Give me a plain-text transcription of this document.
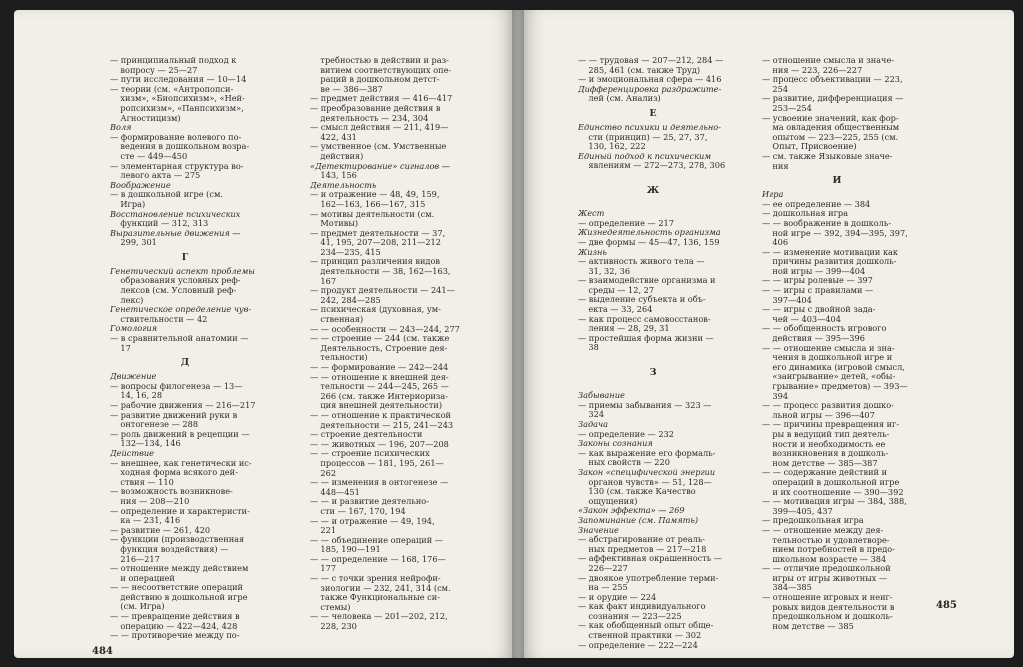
— принципиальный подход к
вопросу — 25—27
— пути исследования — 10—14
— теории (см. «Антропопси-
хизм», «Биопсихизм», «Ней-
ропсихизм», «Панпсихизм»,
Агностицизм)
Воля
— формирование волевого по-
ведения в дошкольном возра-
сте — 449—450
— элементарная структура во-
левого акта — 275
Воображение
— в дошкольной игре (см.
Игра)
Восстановление психических
функций — 312, 313
Выразительные движения —
299, 301
Г
Генетический аспект проблемы
образования условных реф-
лексов (см. Условный реф-
лекс)
Генетическое определение чув-
ствительности — 42
Гомология
— в сравнительной анатомии —
17
Д
Движение
— вопросы филогенеза — 13—
14, 16, 28
— рабочие движения — 216—217
— развитие движений руки в
онтогенезе — 288
— роль движений в рецепции —
132—134, 146
Действие
— внешнее, как генетически ис-
ходная форма всякого дей-
ствия — 110
— возможность возникнове-
ния — 208—210
— определение и характеристи-
ка — 231, 416
— развитие — 261, 420
— функции (производственная
функция воздействия) —
216—217
— отношение между действием
и операцией
— — несоответствие операций
действию в дошкольной игре
(см. Игра)
— — превращение действия в
операцию — 422—424, 428
— — противоречие между по-
требностью в действии и раз-
витием соответствующих опе-
раций в дошкольном детст-
ве — 386—387
— предмет действия — 416—417
— преобразование действия в
деятельность — 234, 304
— смысл действия — 211, 419—
422, 431
— умственное (см. Умственные
действия)
«Детектирование» сигналов —
143, 156
Деятельность
— и отражение — 48, 49, 159,
162—163, 166—167, 315
— мотивы деятельности (см.
Мотивы)
— предмет деятельности — 37,
41, 195, 207—208, 211—212
234—235, 415
— принцип различения видов
деятельности — 38, 162—163,
167
— продукт деятельности — 241—
242, 284—285
— психическая (духовная, ум-
ственная)
— — особенности — 243—244, 277
— — строение — 244 (см. также
Деятельность, Строение дея-
тельности)
— — формирование — 242—244
— — отношение к внешней дея-
тельности — 244—245, 265 —
266 (см. также Интериориза-
ция внешней деятельности)
— — отношение к практической
деятельности — 215, 241—243
— строение деятельности
— — животных — 196, 207—208
— — строение психических
процессов — 181, 195, 261—
262
— — изменения в онтогенезе —
448—451
— — и развитие деятельно-
сти — 167, 170, 194
— — и отражение — 49, 194,
221
— — объединение операций —
185, 190—191
— — определение — 168, 176—
177
— — с точки зрения нейрофи-
зиологии — 232, 241, 314 (см.
также Функциональные си-
стемы)
— — человека — 201—202, 212,
228, 230
484
— — трудовая — 207—212, 284 —
285, 461 (см. также Труд)
— и эмоциональная сфера — 416
Дифференцировка раздражите-
лей (см. Анализ)
Е
Единство психики и деятельно-
сти (принцип) — 25, 27, 37,
130, 162, 222
Единый подход к психическим
явлениям — 272—273, 278, 306
Ж
Жест
— определение — 217
Жизнедеятельность организма
— две формы — 45—47, 136, 159
Жизнь
— активность живого тела —
31, 32, 36
— взаимодействие организма и
среды — 12, 27
— выделение субъекта и объ-
екта — 33, 264
— как процесс самовосстанов-
ления — 28, 29, 31
— простейшая форма жизни —
38
З
Забывание
— приемы забывания — 323 —
324
Задача
— определение — 232
Законы сознания
— как выражение его формаль-
ных свойств — 220
Закон «специфической энергии
органов чувств» — 51, 128—
130 (см. также Качество
ощущения)
«Закон эффекта» — 269
Запоминание (см. Память)
Значение
— абстрагирование от реаль-
ных предметов — 217—218
— аффективная окрашенность —
226—227
— двоякое употребление терми-
на — 255
— и орудие — 224
— как факт индивидуального
сознания — 223—225
— как обобщенный опыт обще-
ственной практики — 302
— определение — 222—224
— отношение смысла и значе-
ния — 223, 226—227
— процесс объективации — 223,
254
— развитие, дифференциация —
253—254
— усвоение значений, как фор-
ма овладения общественным
опытом — 223—225, 255 (см.
Опыт, Присвоение)
— см. также Языковые значе-
ния
И
Игра
— ее определение — 384
— дошкольная игра
— — воображение в дошколь-
ной игре — 392, 394—395, 397,
406
— — изменение мотивации как
причины развития дошколь-
ной игры — 399—404
— — игры ролевые — 397
— — игры с правилами —
397—404
— — игры с двойной зада-
чей — 403—404
— — обобщенность игрового
действия — 395—396
— — отношение смысла и зна-
чения в дошкольной игре и
его динамика (игровой смысл,
«заигрывание» детей, «обы-
грывание» предметов) — 393—
394
— — процесс развития дошко-
льной игры — 396—407
— — причины превращения иг-
ры в ведущий тип деятель-
ности и необходимость ее
возникновения в дошколь-
ном детстве — 385—387
— — содержание действий и
операций в дошкольной игре
и их соотношение — 390—392
— — мотивация игры — 384, 388,
399—405, 437
— предошкольная игра
— — отношение между дея-
тельностью и удовлетворе-
нием потребностей в предо-
школьном возрасте — 384
— — отличие предошкольной
игры от игры животных —
384—385
— отношение игровых и неиг-
ровых видов деятельности в
предошкольном и дошколь-
ном детстве — 385
485
